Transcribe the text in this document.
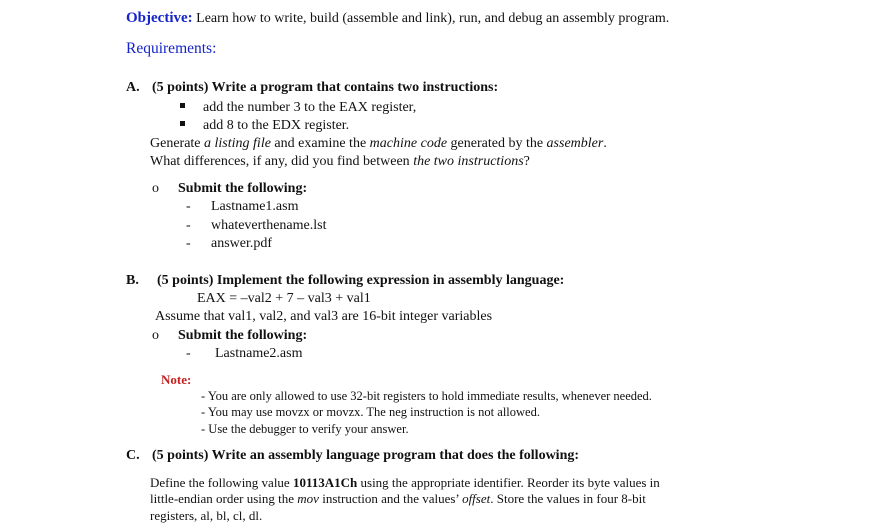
Objective: Learn how to write, build (assemble and link), run, and debug an assembly program.
Requirements:
A. (5 points) Write a program that contains two instructions:
add the number 3 to the EAX register,
add 8 to the EDX register.
Generate a listing file and examine the machine code generated by the assembler.
What differences, if any, did you find between the two instructions?
o Submit the following:
- Lastname1.asm
- whateverthename.lst
- answer.pdf
B. (5 points) Implement the following expression in assembly language:
EAX = –val2 + 7 – val3 + val1
Assume that val1, val2, and val3 are 16-bit integer variables
o Submit the following:
- Lastname2.asm
Note:
- You are only allowed to use 32-bit registers to hold immediate results, whenever needed.
- You may use movzx or movzx. The neg instruction is not allowed.
- Use the debugger to verify your answer.
C. (5 points) Write an assembly language program that does the following:
Define the following value 10113A1Ch using the appropriate identifier. Reorder its byte values in
little-endian order using the mov instruction and the values’ offset. Store the values in four 8-bit
registers, al, bl, cl, dl.
